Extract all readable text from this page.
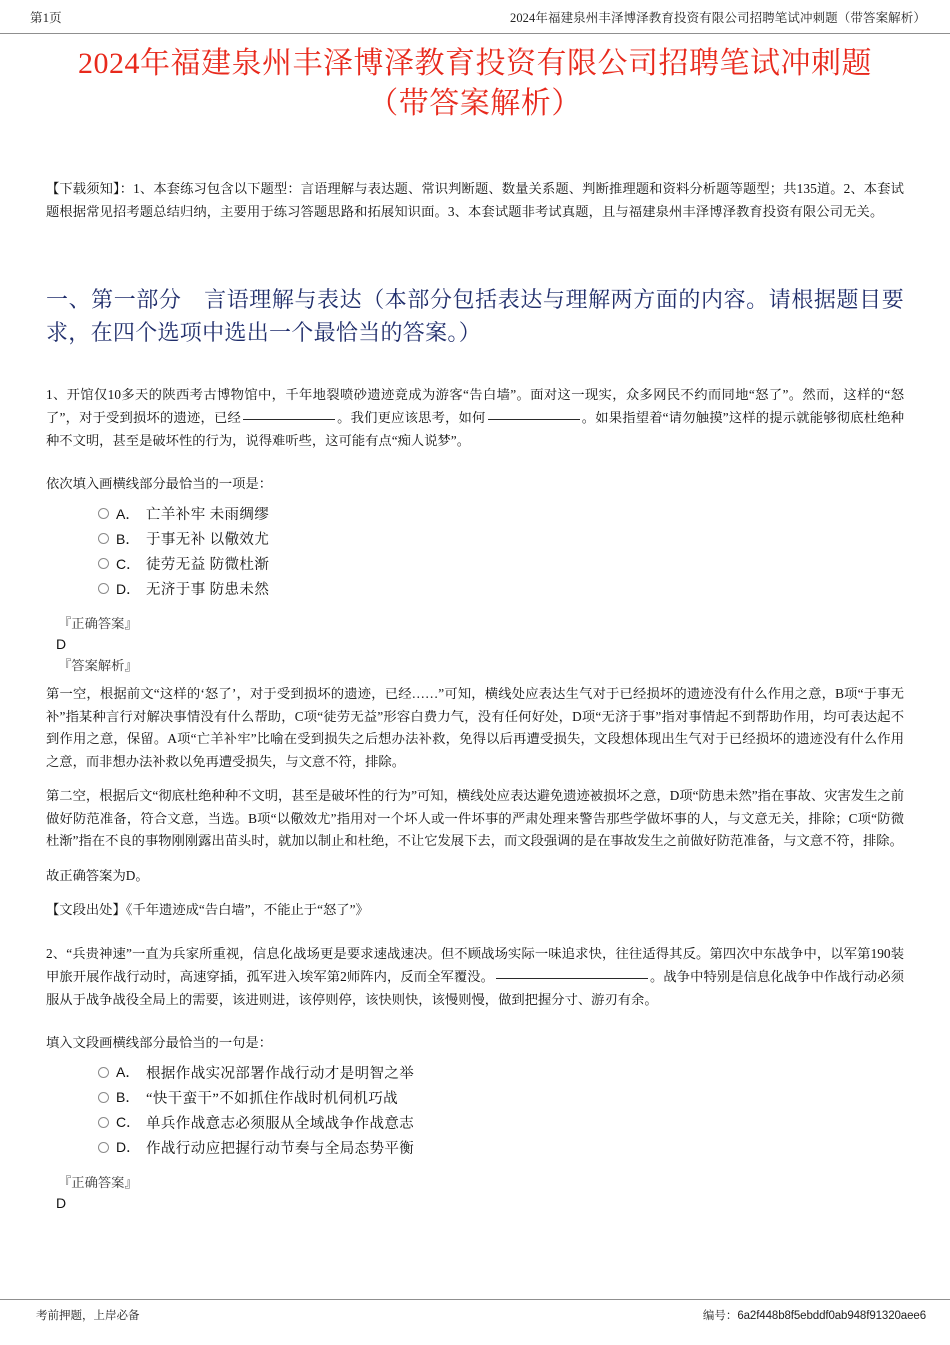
第1页	2024年福建泉州丰泽博泽教育投资有限公司招聘笔试冲刺题（带答案解析）
2024年福建泉州丰泽博泽教育投资有限公司招聘笔试冲刺题
（带答案解析）

【下载须知】：1、本套练习包含以下题型：言语理解与表达题、常识判断题、数量关系题、判断推理题和资料分析题等题型；共135道。2、本套试题根据常见招考题总结归纳，主要用于练习答题思路和拓展知识面。3、本套试题非考试真题，且与福建泉州丰泽博泽教育投资有限公司无关。

一、第一部分　言语理解与表达（本部分包括表达与理解两方面的内容。请根据题目要求，在四个选项中选出一个最恰当的答案。）

1、开馆仅10多天的陕西考古博物馆中，千年地裂喷砂遗迹竟成为游客“告白墙”。面对这一现实，众多网民不约而同地“怒了”。然而，这样的“怒了”，对于受到损坏的遗迹，已经	。我们更应该思考，如何	。如果指望着“请勿触摸”这样的提示就能够彻底杜绝种种不文明，甚至是破坏性的行为，说得难听些，这可能有点“痴人说梦”。

依次填入画横线部分最恰当的一项是：

A． 亡羊补牢 未雨绸缪
B． 于事无补 以儆效尤
C． 徒劳无益 防微杜渐
D． 无济于事 防患未然

『正确答案』

D

『答案解析』

第一空，根据前文“这样的‘怒了’，对于受到损坏的遗迹，已经……”可知，横线处应表达生气对于已经损坏的遗迹没有什么作用之意，B项“于事无补”指某种言行对解决事情没有什么帮助，C项“徒劳无益”形容白费力气，没有任何好处，D项“无济于事”指对事情起不到帮助作用，均可表达起不到作用之意，保留。A项“亡羊补牢”比喻在受到损失之后想办法补救，免得以后再遭受损失，文段想体现出生气对于已经损坏的遗迹没有什么作用之意，而非想办法补救以免再遭受损失，与文意不符，排除。

第二空，根据后文“彻底杜绝种种不文明，甚至是破坏性的行为”可知，横线处应表达避免遗迹被损坏之意，D项“防患未然”指在事故、灾害发生之前做好防范准备，符合文意，当选。B项“以儆效尤”指用对一个坏人或一件坏事的严肃处理来警告那些学做坏事的人，与文意无关，排除；C项“防微杜渐”指在不良的事物刚刚露出苗头时，就加以制止和杜绝，不让它发展下去，而文段强调的是在事故发生之前做好防范准备，与文意不符，排除。

故正确答案为D。

【文段出处】《千年遗迹成“告白墙”，不能止于“怒了”》

2、“兵贵神速”一直为兵家所重视，信息化战场更是要求速战速决。但不顾战场实际一味追求快，往往适得其反。第四次中东战争中，以军第190装甲旅开展作战行动时，高速穿插，孤军进入埃军第2师阵内，反而全军覆没。	。战争中特别是信息化战争中作战行动必须服从于战争战役全局上的需要，该进则进，该停则停，该快则快，该慢则慢，做到把握分寸、游刃有余。

填入文段画横线部分最恰当的一句是：

A． 根据作战实况部署作战行动才是明智之举
B． “快干蛮干”不如抓住作战时机伺机巧战
C． 单兵作战意志必须服从全域战争作战意志
D． 作战行动应把握行动节奏与全局态势平衡

『正确答案』

D

考前押题，上岸必备	编号：6a2f448b8f5ebddf0ab948f91320aee6
